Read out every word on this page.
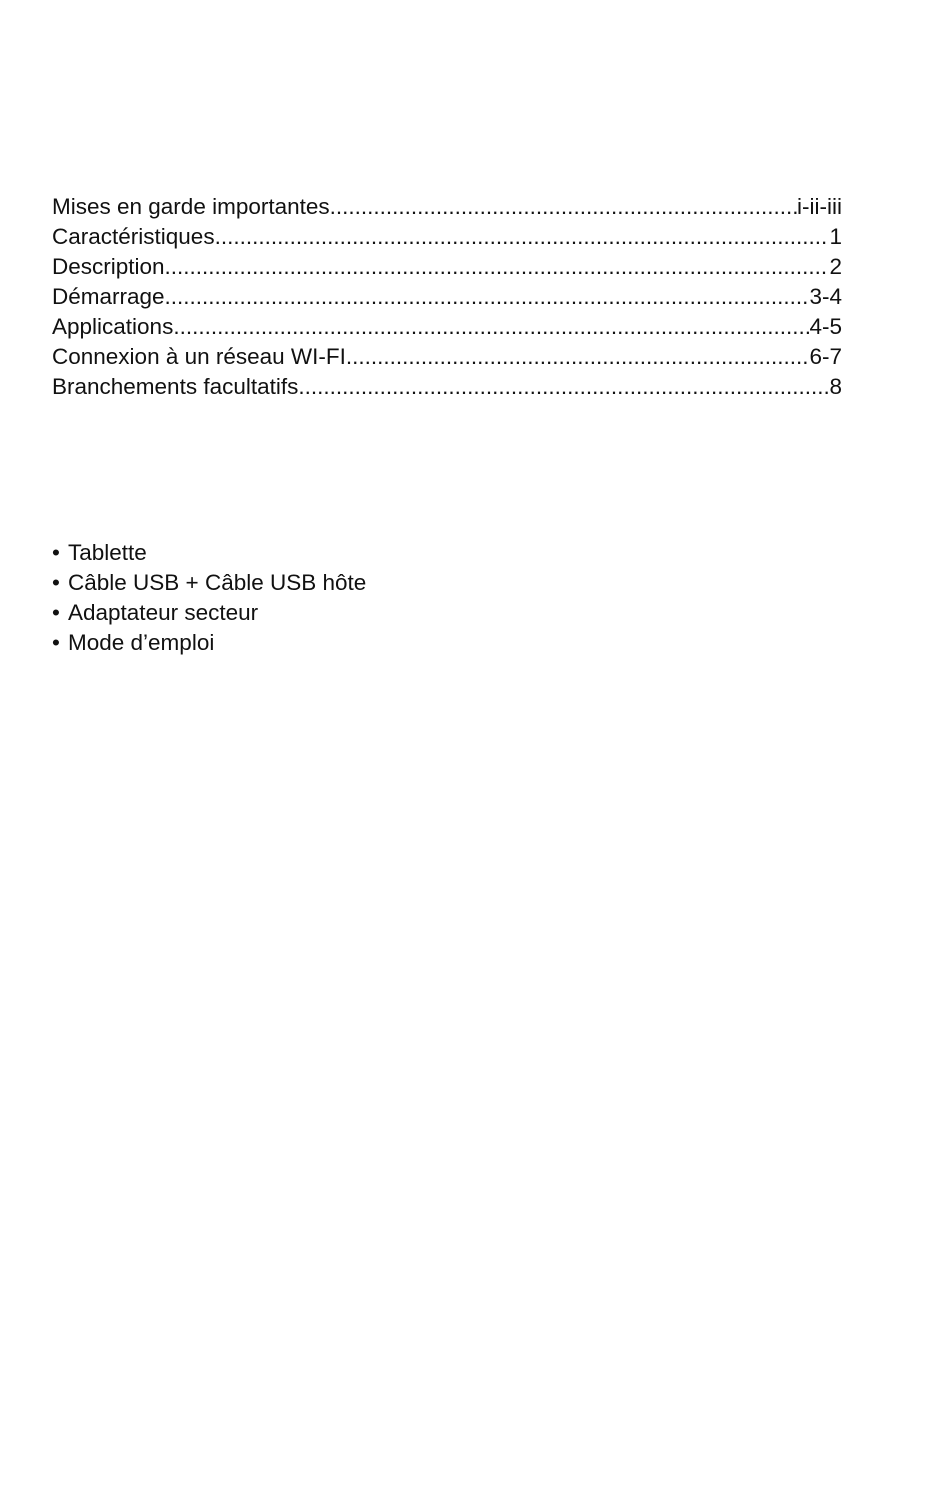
Mises en garde importantes .....	i-ii-iii
Caractéristiques .....	1
Description .....	2
Démarrage .....	3-4
Applications .....	4-5
Connexion à un réseau WI-FI .....	6-7
Branchements facultatifs .....	8
• Tablette
• Câble USB + Câble USB hôte
• Adaptateur secteur
• Mode d’emploi
